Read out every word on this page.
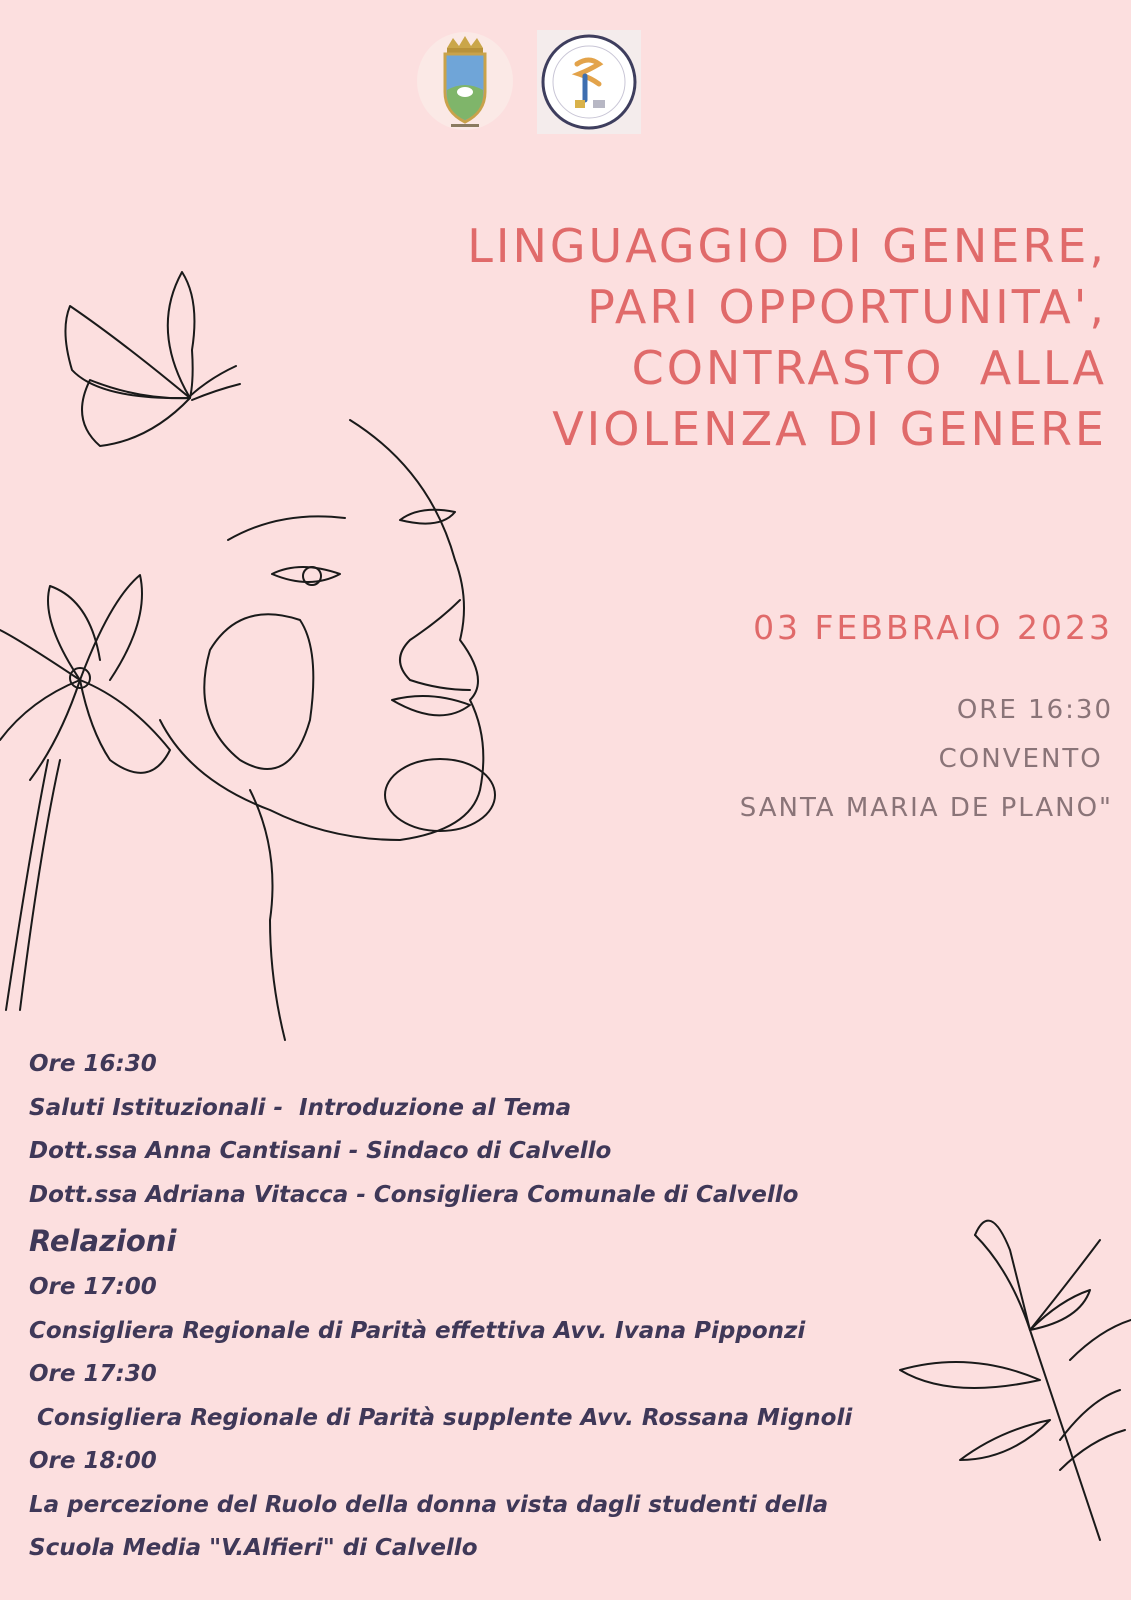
LINGUAGGIO DI GENERE,
PARI OPPORTUNITA',
CONTRASTO  ALLA
VIOLENZA DI GENERE
03 FEBBRAIO 2023
ORE 16:30
CONVENTO
SANTA MARIA DE PLANO"
Ore 16:30
Saluti Istituzionali -  Introduzione al Tema
Dott.ssa Anna Cantisani - Sindaco di Calvello
Dott.ssa Adriana Vitacca - Consigliera Comunale di Calvello
Relazioni
Ore 17:00
Consigliera Regionale di Parità effettiva Avv. Ivana Pipponzi
Ore 17:30
Consigliera Regionale di Parità supplente Avv. Rossana Mignoli
Ore 18:00
La percezione del Ruolo della donna vista dagli studenti della
Scuola Media "V.Alfieri" di Calvello
